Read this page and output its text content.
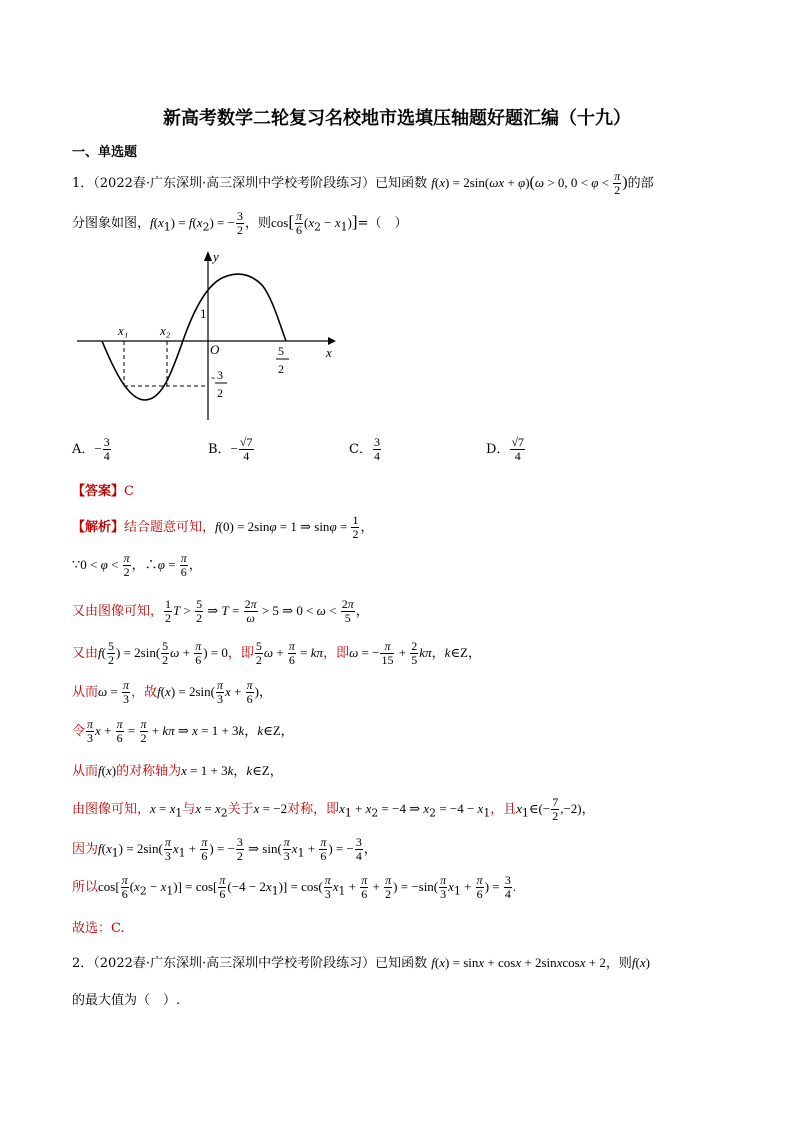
新高考数学二轮复习名校地市选填压轴题好题汇编（十九）
一、单选题
1．（2022春·广东深圳·高三深圳中学校考阶段练习）已知函数 f(x) = 2sin(ωx + φ)(ω > 0, $0 < \varphi < \frac{\pi}{2}$ )的部
分图象如图，$f(x_1) = f(x_2)$ = − $\frac{3}{2}$ ，则$\cos[ \frac{\pi}{6} (x_2 - x_1)]=$（　）
y
x
O
1
x₁ x₂
5
2
- 3
2
A．− $\frac{3}{4}$	B．− $\frac{√7}{4}$	C． $\frac{3}{4}$	D． $\frac{√7}{4}$
【答案】C
【解析】结合题意可知，f(0) = 2sinφ = 1 ⇒ $\sin\varphi = \frac{1}{2}$ ，
∵0 < $\varphi < \frac{\pi}{2}$ ，∴φ = $\frac{\pi}{6}$ ，
又由图像可知， $\frac{1}{2}$ $T > \frac{5}{2}$ ⇒ $T = \frac{2\pi}{\omega} > 5$ ⇒ $0 < \omega < \frac{2\pi}{5}$ ，
又由$f( \frac{5}{2}$ ) = $2\sin( \frac{5}{2}$ $\omega + \frac{\pi}{6}$ ) = 0，即 $\frac{5}{2}$ $\omega + \frac{\pi}{6} = k\pi$，即ω = − $\frac{\pi}{15} + \frac{2}{5}$ kπ，k∈Z，
从而$\omega = \frac{\pi}{3}$ ，故$f(x) = 2\sin( \frac{\pi}{3}$ $x + \frac{\pi}{6}$ )，
令 $\frac{\pi}{3}$ $x + \frac{\pi}{6} = \frac{\pi}{2} + k\pi$ ⇒ x = 1 + 3k，k∈Z，
从而f(x)的对称轴为x = 1 + 3k，k∈Z，
由图像可知，$x = x_1$与$x = x_2$关于x = −2对称，即$x_1 + x_2 = -4$ ⇒ $x_2 = -4 - x_1$，且$x_1\in(- \frac{7}{2} ,-2)$，
因为$f(x_1) = 2\sin( \frac{\pi}{3} x_1 + \frac{\pi}{6}$ ) = − $\frac{3}{2}$ ⇒ $\sin( \frac{\pi}{3} x_1 + \frac{\pi}{6}$ ) = − $\frac{3}{4}$ ，
所以$\cos[ \frac{\pi}{6} (x_2 - x_1)] = \cos[ \frac{\pi}{6} (-4 - 2x_1)] = \cos( \frac{\pi}{3} x_1 + \frac{\pi}{6} + \frac{\pi}{2}$ ) = $-\sin( \frac{\pi}{3} x_1 + \frac{\pi}{6}$ ) = $\frac{3}{4}$ .
故选：C.
2．（2022春·广东深圳·高三深圳中学校考阶段练习）已知函数 f(x) = sinx + cosx + 2sinxcosx + 2，则f(x)
的最大值为（　）.
